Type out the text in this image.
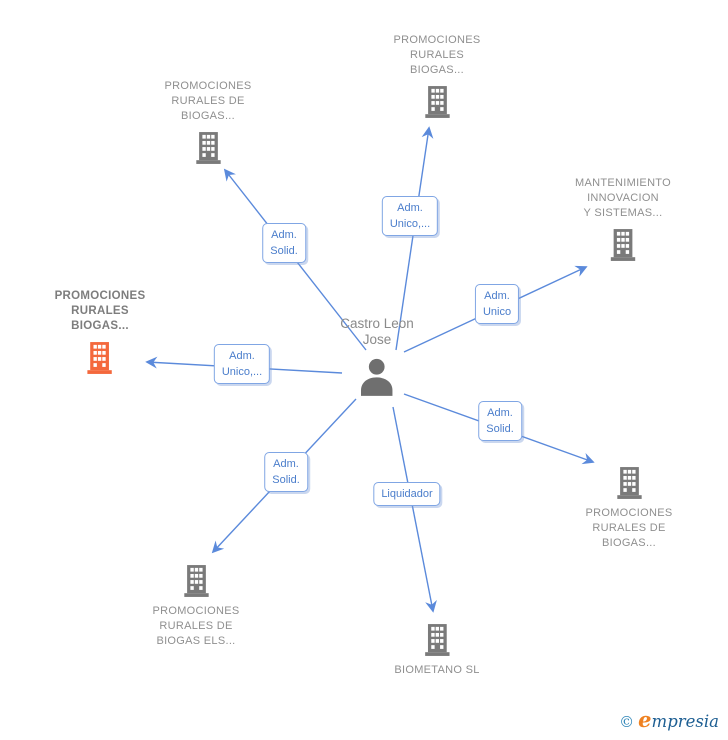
PROMOCIONES
RURALES DE
BIOGAS...
PROMOCIONES
RURALES
BIOGAS...
MANTENIMIENTO
INNOVACION
Y SISTEMAS...
PROMOCIONES
RURALES
BIOGAS...	Castro Leon
Jose
PROMOCIONES
RURALES DE
BIOGAS...
PROMOCIONES
RURALES DE
BIOGAS ELS...
BIOMETANO SL
Adm.
Solid.
Adm.
Unico,...
Adm.
Unico
Adm.
Unico,...
Adm.
Solid.
Adm.
Solid.
Liquidador
© e mpresia
